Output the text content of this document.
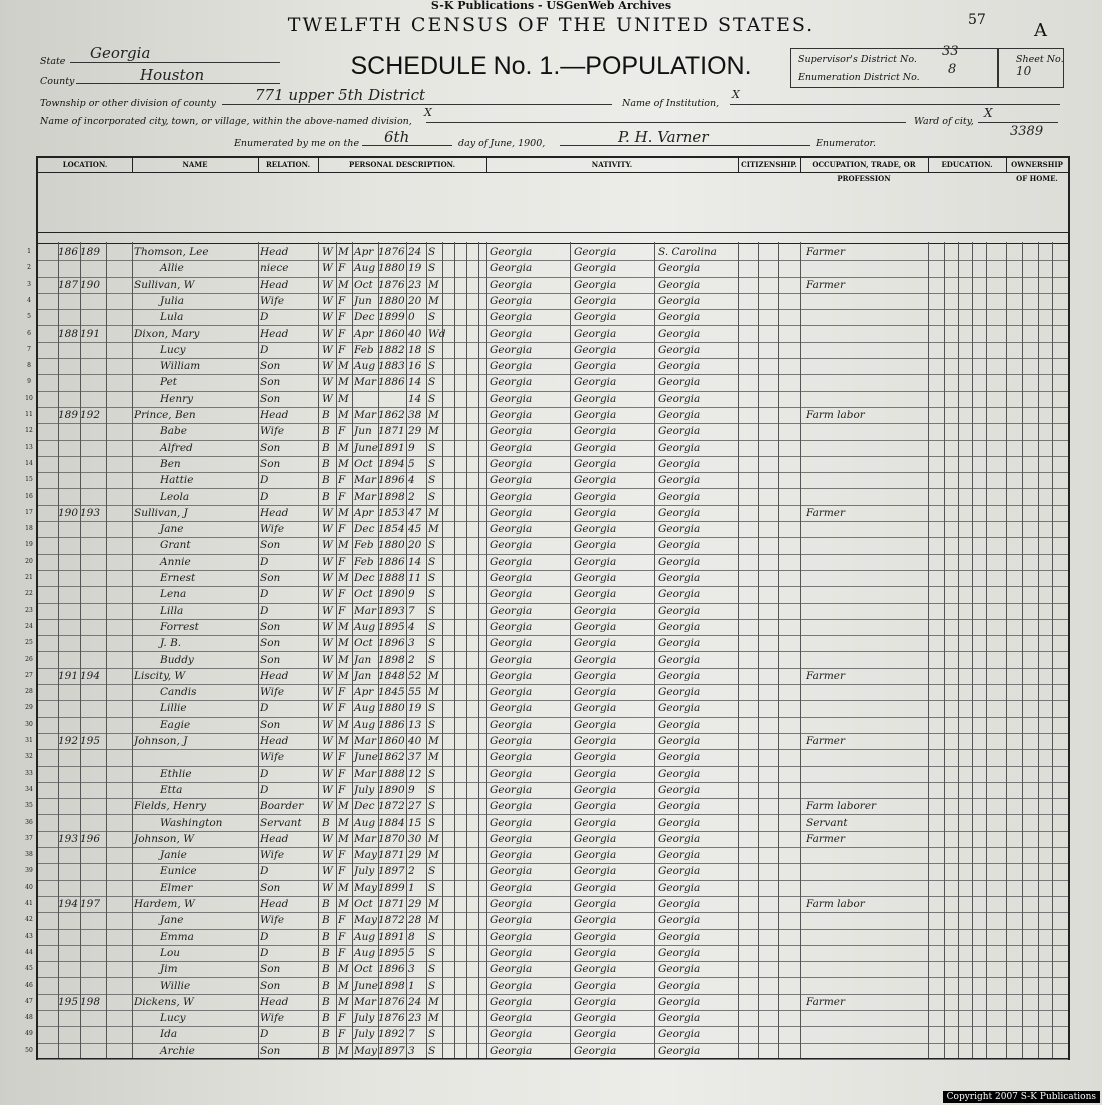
S-K Publications - USGenWeb Archives
TWELFTH CENSUS OF THE UNITED STATES.
SCHEDULE No. 1.—POPULATION.
57	A
State Georgia
County	Houston
Township or other division of county	771 upper 5th District	Name of Institution,
X
Name of incorporated city, town, or village, within the above-named division,
X
Ward of city,
X
Enumerated by me on the 6th	day of June, 1900,	P. H. Varner	Enumerator.
3389
Supervisor's District No.
33
Enumeration District No.
8
Sheet No.
10
LOCATION.	NAME	RELATION.	PERSONAL DESCRIPTION.	NATIVITY.	CITIZENSHIP.	OCCUPATION, TRADE, OR PROFESSION
EDUCATION.	OWNERSHIP OF HOME.
1	186 189	Thomson, Lee	Head	W M Apr 1876 24 S	Georgia	Georgia	S. Carolina	Farmer
2	Allie	niece	W F Aug 1880 19 S	Georgia	Georgia	Georgia
3	187 190	Sullivan, W	Head	W M Oct 1876 23 M	Georgia	Georgia	Georgia	Farmer
4	Julia	Wife	W F Jun 1880 20 M	Georgia	Georgia	Georgia
5	Lula	D	W F Dec 1899 0	S	Georgia	Georgia	Georgia
6	188 191	Dixon, Mary	Head	W F Apr 1860 40 Wd	Georgia	Georgia	Georgia
7	Lucy	D	W F Feb 1882 18 S	Georgia	Georgia	Georgia
8	William	Son	W M Aug 1883 16 S	Georgia	Georgia	Georgia
9	Pet	Son	W M Mar 1886 14 S	Georgia	Georgia	Georgia
10	Henry	Son	W M	14 S	Georgia	Georgia	Georgia
11	189 192	Prince, Ben	Head	B M Mar 1862 38 M	Georgia	Georgia	Georgia	Farm labor
12	Babe	Wife	B F Jun 1871 29 M	Georgia	Georgia	Georgia
13	Alfred	Son	B M June 1891 9	S	Georgia	Georgia	Georgia
14	Ben	Son	B M Oct 1894 5	S	Georgia	Georgia	Georgia
15	Hattie	D	B F Mar 1896 4	S	Georgia	Georgia	Georgia
16	Leola	D	B F Mar 1898 2	S	Georgia	Georgia	Georgia
17	190 193	Sullivan, J	Head	W M Apr 1853 47 M	Georgia	Georgia	Georgia	Farmer
18	Jane	Wife	W F Dec 1854 45 M	Georgia	Georgia	Georgia
19	Grant	Son	W M Feb 1880 20 S	Georgia	Georgia	Georgia
20	Annie	D	W F Feb 1886 14 S	Georgia	Georgia	Georgia
21	Ernest	Son	W M Dec 1888 11 S	Georgia	Georgia	Georgia
22	Lena	D	W F Oct 1890 9	S	Georgia	Georgia	Georgia
23	Lilla	D	W F Mar 1893 7	S	Georgia	Georgia	Georgia
24	Forrest	Son	W M Aug 1895 4	S	Georgia	Georgia	Georgia
25	J. B.	Son	W M Oct 1896 3	S	Georgia	Georgia	Georgia
26	Buddy	Son	W M Jan 1898 2	S	Georgia	Georgia	Georgia
27	191 194	Liscity, W	Head	W M Jan 1848 52 M	Georgia	Georgia	Georgia	Farmer
28	Candis	Wife	W F Apr 1845 55 M	Georgia	Georgia	Georgia
29	Lillie	D	W F Aug 1880 19 S	Georgia	Georgia	Georgia
30	Eagie	Son	W M Aug 1886 13 S	Georgia	Georgia	Georgia
31	192 195	Johnson, J	Head	W M Mar 1860 40 M	Georgia	Georgia	Georgia	Farmer
32	Wife	W F June 1862 37 M	Georgia	Georgia	Georgia
33	Ethlie	D	W F Mar 1888 12 S	Georgia	Georgia	Georgia
34	Etta	D	W F July 1890 9	S	Georgia	Georgia	Georgia
35	Fields, Henry	Boarder	W M Dec 1872 27 S	Georgia	Georgia	Georgia	Farm laborer
36	Washington	Servant	B M Aug 1884 15 S	Georgia	Georgia	Georgia	Servant
37	193 196	Johnson, W	Head	W M Mar 1870 30 M	Georgia	Georgia	Georgia	Farmer
38	Janie	Wife	W F May 1871 29 M	Georgia	Georgia	Georgia
39	Eunice	D	W F July 1897 2	S	Georgia	Georgia	Georgia
40	Elmer	Son	W M May 1899 1	S	Georgia	Georgia	Georgia
41	194 197	Hardem, W	Head	B M Oct 1871 29 M	Georgia	Georgia	Georgia	Farm labor
42	Jane	Wife	B F May 1872 28 M	Georgia	Georgia	Georgia
43	Emma	D	B F Aug 1891 8	S	Georgia	Georgia	Georgia
44	Lou	D	B F Aug 1895 5	S	Georgia	Georgia	Georgia
45	Jim	Son	B M Oct 1896 3	S	Georgia	Georgia	Georgia
46	Willie	Son	B M June 1898 1	S	Georgia	Georgia	Georgia
47	195 198	Dickens, W	Head	B M Mar 1876 24 M	Georgia	Georgia	Georgia	Farmer
48	Lucy	Wife	B F July 1876 23 M	Georgia	Georgia	Georgia
49	Ida	D	B F July 1892 7	S	Georgia	Georgia	Georgia
50	Archie	Son	B M May 1897 3	S	Georgia	Georgia	Georgia
Copyright 2007 S-K Publications
